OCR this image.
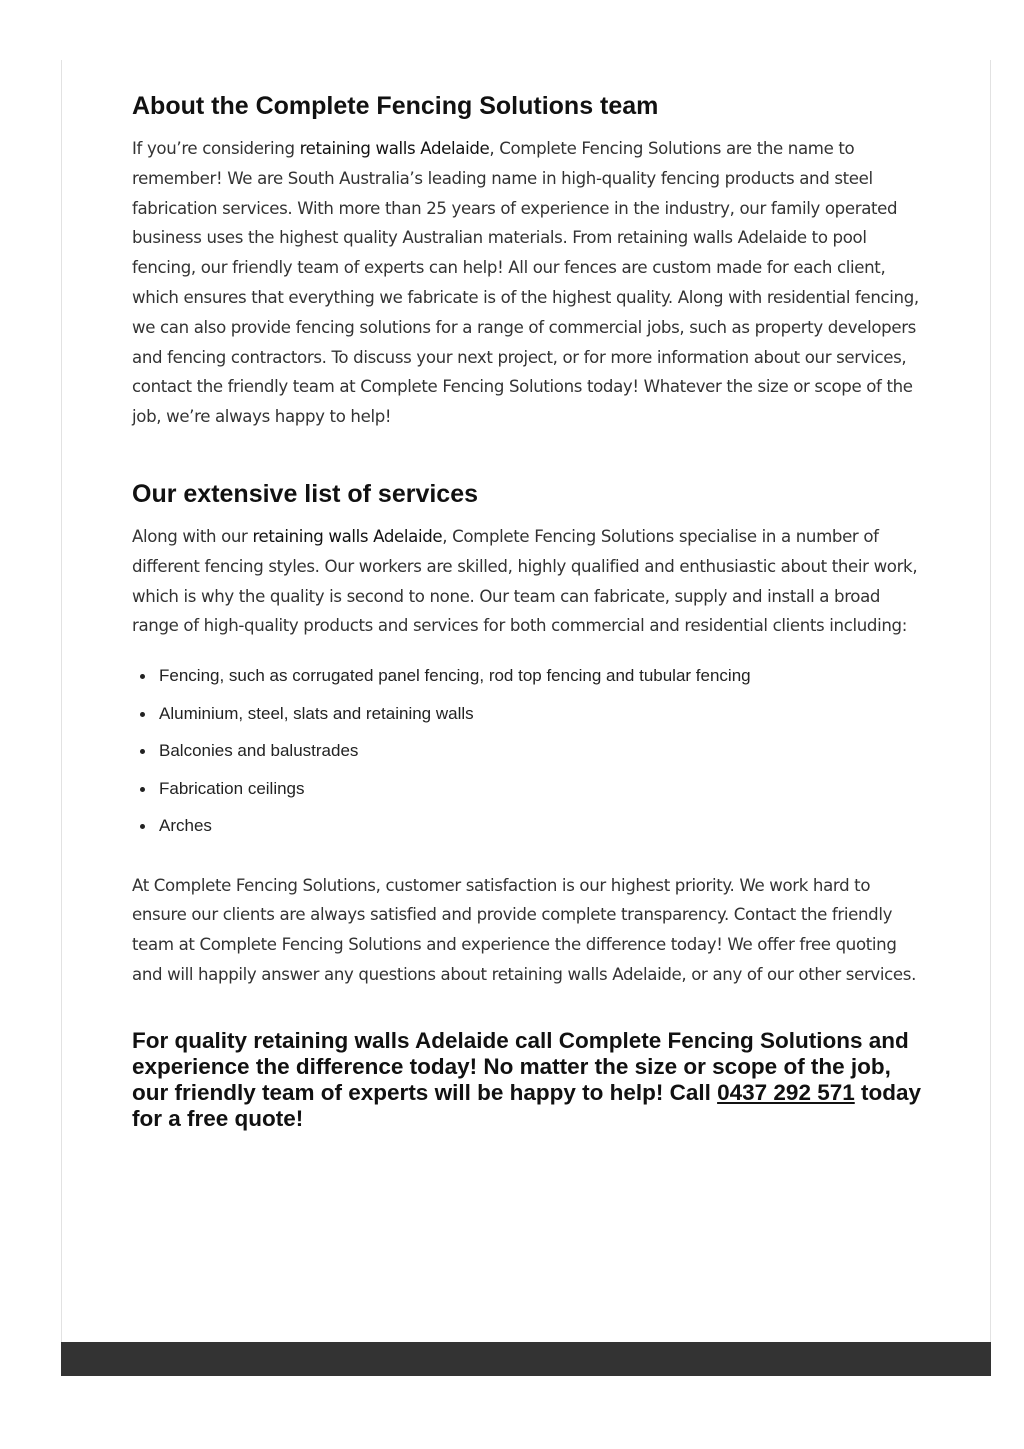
About the Complete Fencing Solutions team

If you’re considering retaining walls Adelaide, Complete Fencing Solutions are the name to remember! We are South Australia’s leading name in high-quality fencing products and steel fabrication services. With more than 25 years of experience in the industry, our family operated business uses the highest quality Australian materials. From retaining walls Adelaide to pool fencing, our friendly team of experts can help! All our fences are custom made for each client, which ensures that everything we fabricate is of the highest quality. Along with residential fencing, we can also provide fencing solutions for a range of commercial jobs, such as property developers and fencing contractors. To discuss your next project, or for more information about our services, contact the friendly team at Complete Fencing Solutions today! Whatever the size or scope of the job, we’re always happy to help!

Our extensive list of services

Along with our retaining walls Adelaide, Complete Fencing Solutions specialise in a number of different fencing styles. Our workers are skilled, highly qualified and enthusiastic about their work, which is why the quality is second to none. Our team can fabricate, supply and install a broad range of high-quality products and services for both commercial and residential clients including:

Fencing, such as corrugated panel fencing, rod top fencing and tubular fencing
Aluminium, steel, slats and retaining walls
Balconies and balustrades
Fabrication ceilings
Arches

At Complete Fencing Solutions, customer satisfaction is our highest priority. We work hard to ensure our clients are always satisfied and provide complete transparency. Contact the friendly team at Complete Fencing Solutions and experience the difference today! We offer free quoting and will happily answer any questions about retaining walls Adelaide, or any of our other services.

For quality retaining walls Adelaide call Complete Fencing Solutions and experience the difference today! No matter the size or scope of the job, our friendly team of experts will be happy to help! Call 0437 292 571 today for a free quote!
